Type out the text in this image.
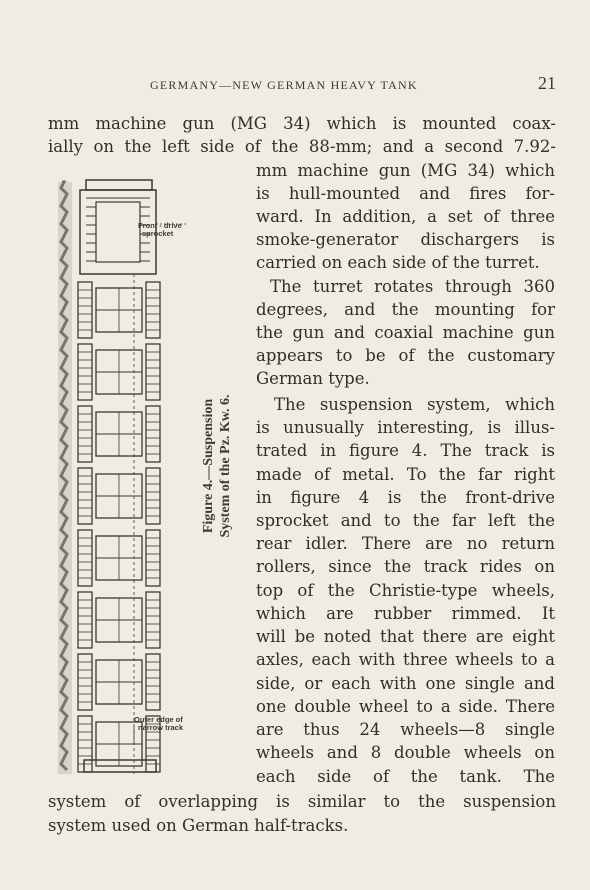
GERMANY—NEW GERMAN HEAVY TANK	21
mm machine gun (MG 34) which is mounted coax-
ially on the left side of the 88-mm; and a second 7.92-
mm machine gun (MG 34) which
is hull-mounted and fires for-
ward. In addition, a set of three
smoke-generator dischargers is
carried on each side of the turret.
The turret rotates through 360
degrees, and the mounting for
the gun and coaxial machine gun
appears to be of the customary
German type.
The suspension system, which
is unusually interesting, is illus-
trated in figure 4. The track is
made of metal. To the far right
in figure 4 is the front-drive
sprocket and to the far left the
rear idler. There are no return
rollers, since the track rides on
top of the Christie-type wheels,
which are rubber rimmed. It
will be noted that there are eight
axles, each with three wheels to a
side, or each with one single and
one double wheel to a side. There
are thus 24 wheels—8 single
wheels and 8 double wheels on
each side of the tank. The
system of overlapping is similar to the suspension
system used on German half-tracks.
Front - drive
sprocket
Outer edge of
narrow track
Figure 4.—Suspension System of the Pz. Kw. 6.
